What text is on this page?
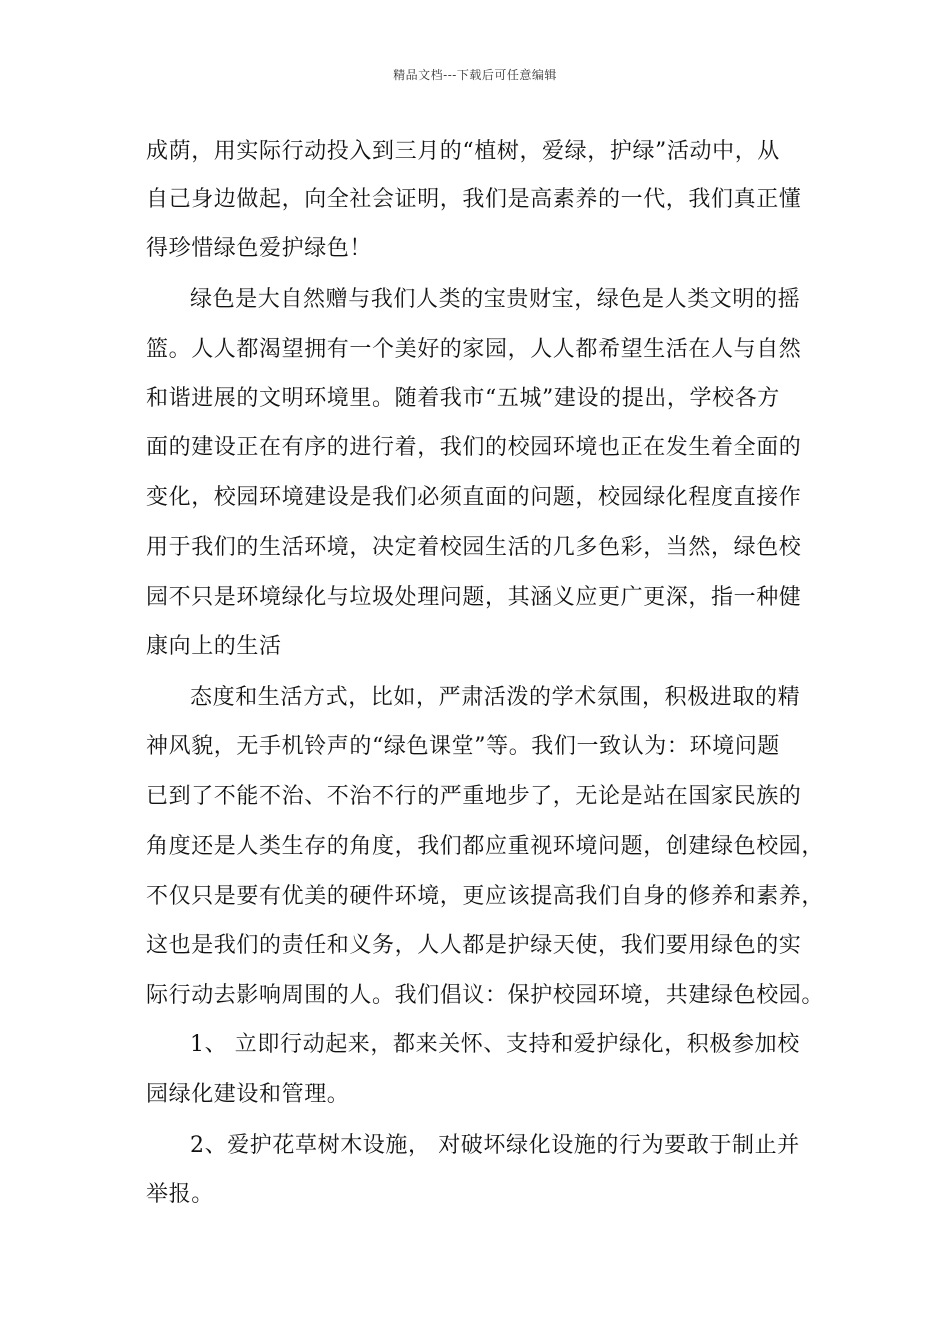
精品文档---下载后可任意编辑
成荫，用实际行动投入到三月的“植树，爱绿，护绿”活动中，从
自己身边做起，向全社会证明，我们是高素养的一代，我们真正懂
得珍惜绿色爱护绿色！
绿色是大自然赠与我们人类的宝贵财宝，绿色是人类文明的摇
篮。人人都渴望拥有一个美好的家园，人人都希望生活在人与自然
和谐进展的文明环境里。随着我市“五城”建设的提出，学校各方
面的建设正在有序的进行着，我们的校园环境也正在发生着全面的
变化，校园环境建设是我们必须直面的问题，校园绿化程度直接作
用于我们的生活环境，决定着校园生活的几多色彩，当然，绿色校
园不只是环境绿化与垃圾处理问题，其涵义应更广更深，指一种健
康向上的生活
态度和生活方式，比如，严肃活泼的学术氛围，积极进取的精
神风貌，无手机铃声的“绿色课堂”等。我们一致认为：环境问题
已到了不能不治、不治不行的严重地步了，无论是站在国家民族的
角度还是人类生存的角度，我们都应重视环境问题，创建绿色校园，
不仅只是要有优美的硬件环境，更应该提高我们自身的修养和素养，
这也是我们的责任和义务，人人都是护绿天使，我们要用绿色的实
际行动去影响周围的人。我们倡议：保护校园环境，共建绿色校园。
1、 立即行动起来，都来关怀、支持和爱护绿化，积极参加校
园绿化建设和管理。
2、爱护花草树木设施， 对破坏绿化设施的行为要敢于制止并
举报。
